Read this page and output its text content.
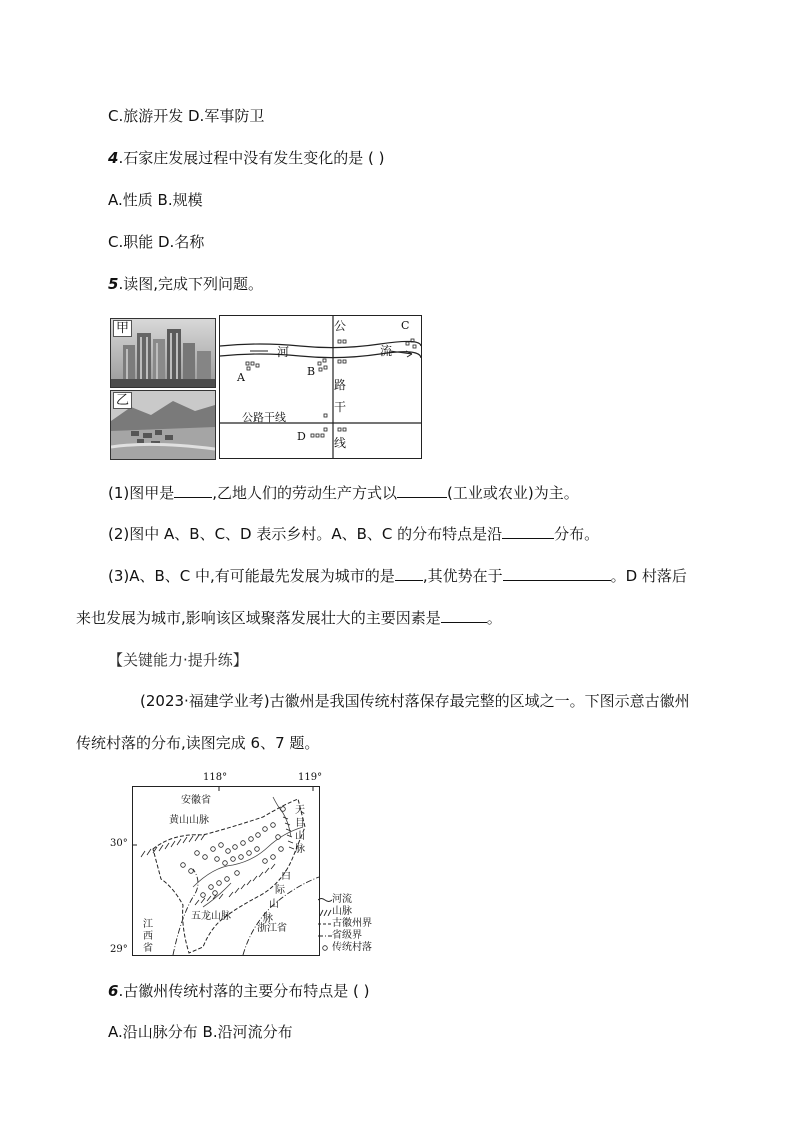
C.旅游开发 D.军事防卫
4.石家庄发展过程中没有发生变化的是 ( )
A.性质 B.规模
C.职能 D.名称
5.读图,完成下列问题。
甲
乙
公
路
干
线
河	流
公路干线
A	B
C
D
(1)图甲是	,乙地人们的劳动生产方式以	(工业或农业)为主。
(2)图中 A、B、C、D 表示乡村。A、B、C 的分布特点是沿	分布。
(3)A、B、C 中,有可能最先发展为城市的是 ,其优势在于	。D 村落后
来也发展为城市,影响该区域聚落发展壮大的主要因素是	。
【关键能力·提升练】
(2023·福建学业考)古徽州是我国传统村落保存最完整的区域之一。下图示意古徽州
传统村落的分布,读图完成 6、7 题。
118°	119°
30°
29°
安徽省
黄山山脉
五龙山脉
浙江省
江
西
省
天
目
山
脉
白
际
山
脉
河流
山脉
古徽州界
省级界
传统村落
6.古徽州传统村落的主要分布特点是 ( )
A.沿山脉分布 B.沿河流分布
